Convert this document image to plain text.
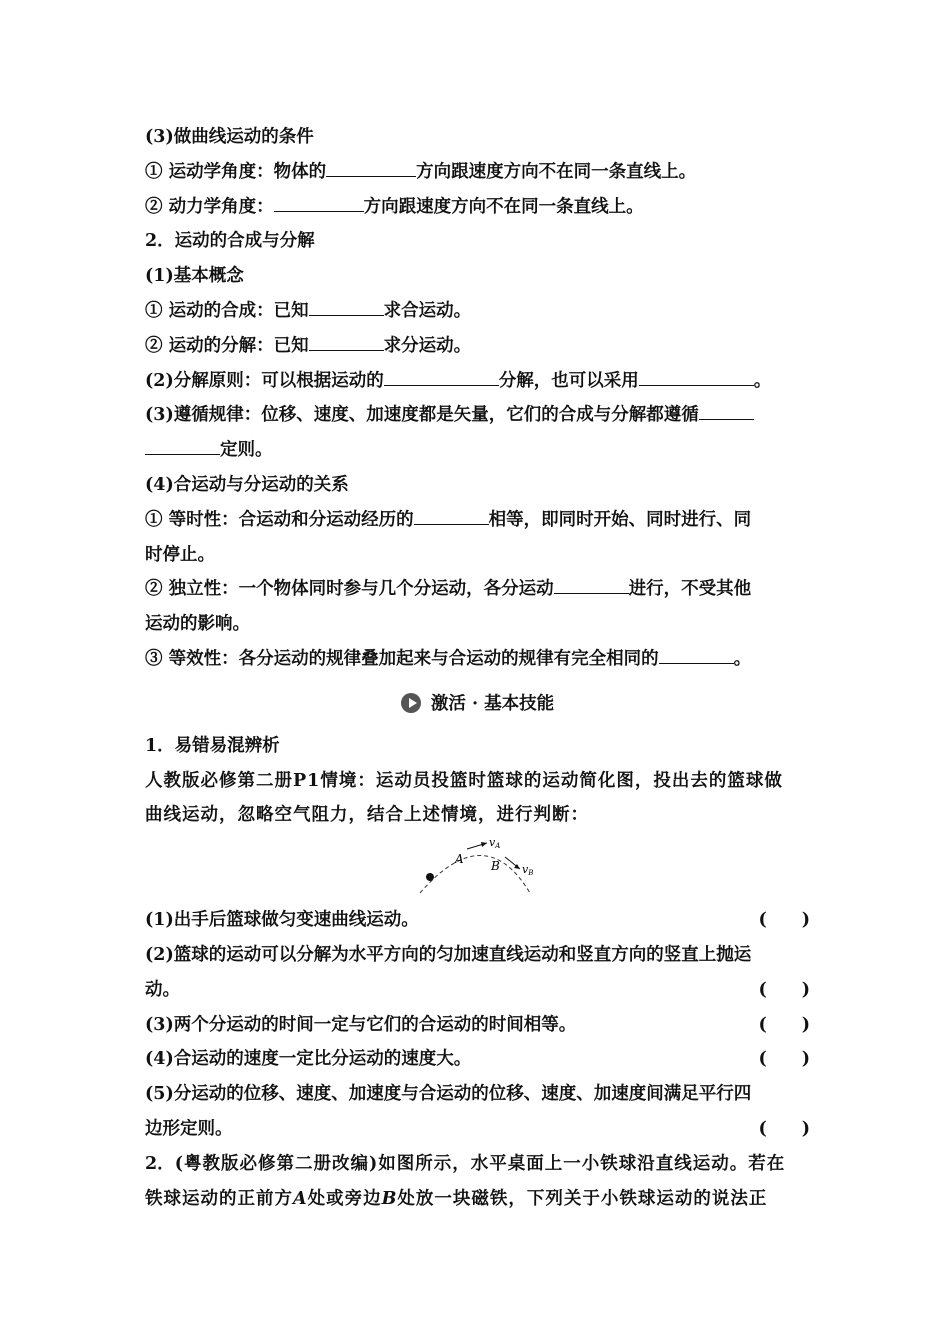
(3)做曲线运动的条件
① 运动学角度：物体的	方向跟速度方向不在同一条直线上。
② 动力学角度：	方向跟速度方向不在同一条直线上。
2．运动的合成与分解
(1)基本概念
① 运动的合成：已知	求合运动。
② 运动的分解：已知	求分运动。
(2)分解原则：可以根据运动的	分解，也可以采用	。
(3)遵循规律：位移、速度、加速度都是矢量，它们的合成与分解都遵循
定则。
(4)合运动与分运动的关系
① 等时性：合运动和分运动经历的	相等，即同时开始、同时进行、同
时停止。
② 独立性：一个物体同时参与几个分运动，各分运动	进行，不受其他
运动的影响。
③ 等效性：各分运动的规律叠加起来与合运动的规律有完全相同的	。
激活 · 基本技能
1．易错易混辨析
人教版必修第二册P1情境：运动员投篮时篮球的运动简化图，投出去的篮球做
曲线运动，忽略空气阻力，结合上述情境，进行判断：
A
vA
B vB
(1)出手后篮球做匀变速曲线运动。	(　　)
(2)篮球的运动可以分解为水平方向的匀加速直线运动和竖直方向的竖直上抛运
动。	(　　)
(3)两个分运动的时间一定与它们的合运动的时间相等。	(　　)
(4)合运动的速度一定比分运动的速度大。	(　　)
(5)分运动的位移、速度、加速度与合运动的位移、速度、加速度间满足平行四
边形定则。	(　　)
2．(粤教版必修第二册改编)如图所示，水平桌面上一小铁球沿直线运动。若在
铁球运动的正前方A处或旁边B处放一块磁铁，下列关于小铁球运动的说法正
